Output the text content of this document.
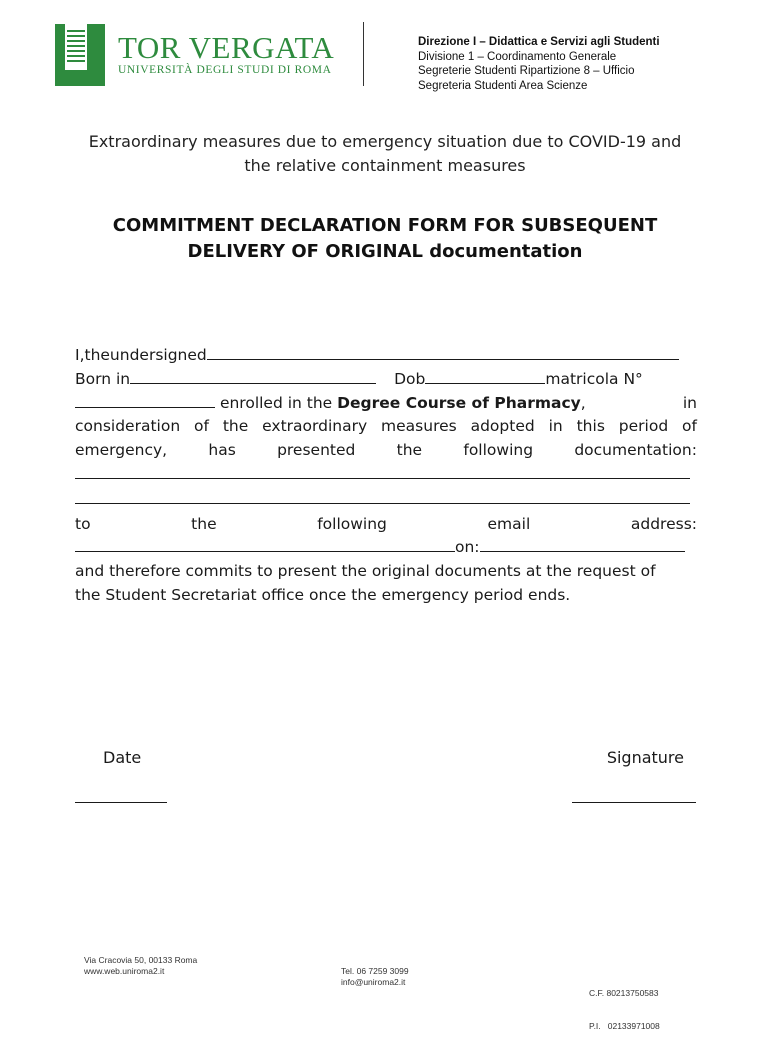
TOR VERGATA
UNIVERSITÀ DEGLI STUDI DI ROMA
Direzione I – Didattica e Servizi agli Studenti
Divisione 1 – Coordinamento Generale
Segreterie Studenti Ripartizione 8 – Ufficio
Segreteria Studenti Area Scienze
Extraordinary measures due to emergency situation due to COVID-19 and
the relative containment measures
COMMITMENT DECLARATION FORM FOR SUBSEQUENT
DELIVERY OF ORIGINAL documentation
I,theundersigned
Born in	Dob	matricola N°
enrolled in the Degree Course of Pharmacy,	in
consideration of the extraordinary measures adopted in this period of
emergency,	has	presented	the	following	documentation:
to	the	following	email	address:
on:
and therefore commits to present the original documents at the request of
the Student Secretariat office once the emergency period ends.
Date	Signature
Via Cracovia 50, 00133 Roma
www.web.uniroma2.it	Tel. 06 7259 3099
info@uniroma2.it

C.F. 80213750583

P.I.   02133971008
